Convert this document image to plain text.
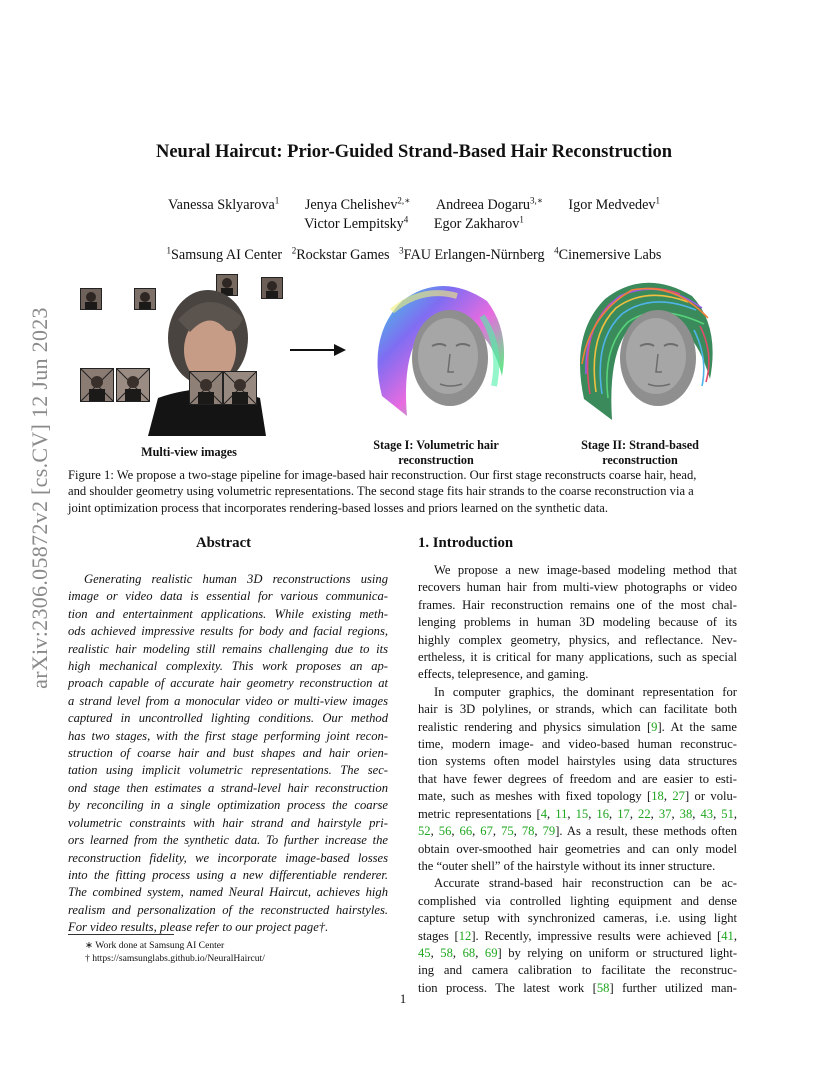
arXiv:2306.05872v2 [cs.CV] 12 Jun 2023
Neural Haircut: Prior-Guided Strand-Based Hair Reconstruction
Vanessa Sklyarova$^1$ Jenya Chelishev$^{2,∗}$ Andreea Dogaru$^{3,∗}$ Igor Medvedev$^1$
Victor Lempitsky$^4$ Egor Zakharov$^1$
$^1$Samsung AI Center $^2$Rockstar Games $^3$FAU Erlangen-Nürnberg $^4$Cinemersive Labs
Multi-view images	Stage I: Volumetric hair
reconstruction
Stage II: Strand-based
reconstruction
Figure 1: We propose a two-stage pipeline for image-based hair reconstruction. Our first stage reconstructs coarse hair, head,
and shoulder geometry using volumetric representations. The second stage fits hair strands to the coarse reconstruction via a
joint optimization process that incorporates rendering-based losses and priors learned on the synthetic data.
Abstract
Generating realistic human 3D reconstructions using
image or video data is essential for various communica-
tion and entertainment applications. While existing meth-
ods achieved impressive results for body and facial regions,
realistic hair modeling still remains challenging due to its
high mechanical complexity. This work proposes an ap-
proach capable of accurate hair geometry reconstruction at
a strand level from a monocular video or multi-view images
captured in uncontrolled lighting conditions. Our method
has two stages, with the first stage performing joint recon-
struction of coarse hair and bust shapes and hair orien-
tation using implicit volumetric representations. The sec-
ond stage then estimates a strand-level hair reconstruction
by reconciling in a single optimization process the coarse
volumetric constraints with hair strand and hairstyle pri-
ors learned from the synthetic data. To further increase the
reconstruction fidelity, we incorporate image-based losses
into the fitting process using a new differentiable renderer.
The combined system, named Neural Haircut, achieves high
realism and personalization of the reconstructed hairstyles.
For video results, please refer to our project page†.
1. Introduction
We propose a new image-based modeling method that
recovers human hair from multi-view photographs or video
frames. Hair reconstruction remains one of the most chal-
lenging problems in human 3D modeling because of its
highly complex geometry, physics, and reflectance. Nev-
ertheless, it is critical for many applications, such as special
effects, telepresence, and gaming.
In computer graphics, the dominant representation for
hair is 3D polylines, or strands, which can facilitate both
realistic rendering and physics simulation [9]. At the same
time, modern image- and video-based human reconstruc-
tion systems often model hairstyles using data structures
that have fewer degrees of freedom and are easier to esti-
mate, such as meshes with fixed topology [18, 27] or volu-
metric representations [4, 11, 15, 16, 17, 22, 37, 38, 43, 51,
52, 56, 66, 67, 75, 78, 79]. As a result, these methods often
obtain over-smoothed hair geometries and can only model
the “outer shell” of the hairstyle without its inner structure.
Accurate strand-based hair reconstruction can be ac-
complished via controlled lighting equipment and dense
capture setup with synchronized cameras, i.e. using light
stages [12]. Recently, impressive results were achieved [41,
45, 58, 68, 69] by relying on uniform or structured light-
ing and camera calibration to facilitate the reconstruc-
tion process. The latest work [58] further utilized man-
∗ Work done at Samsung AI Center
† https://samsunglabs.github.io/NeuralHaircut/
1
